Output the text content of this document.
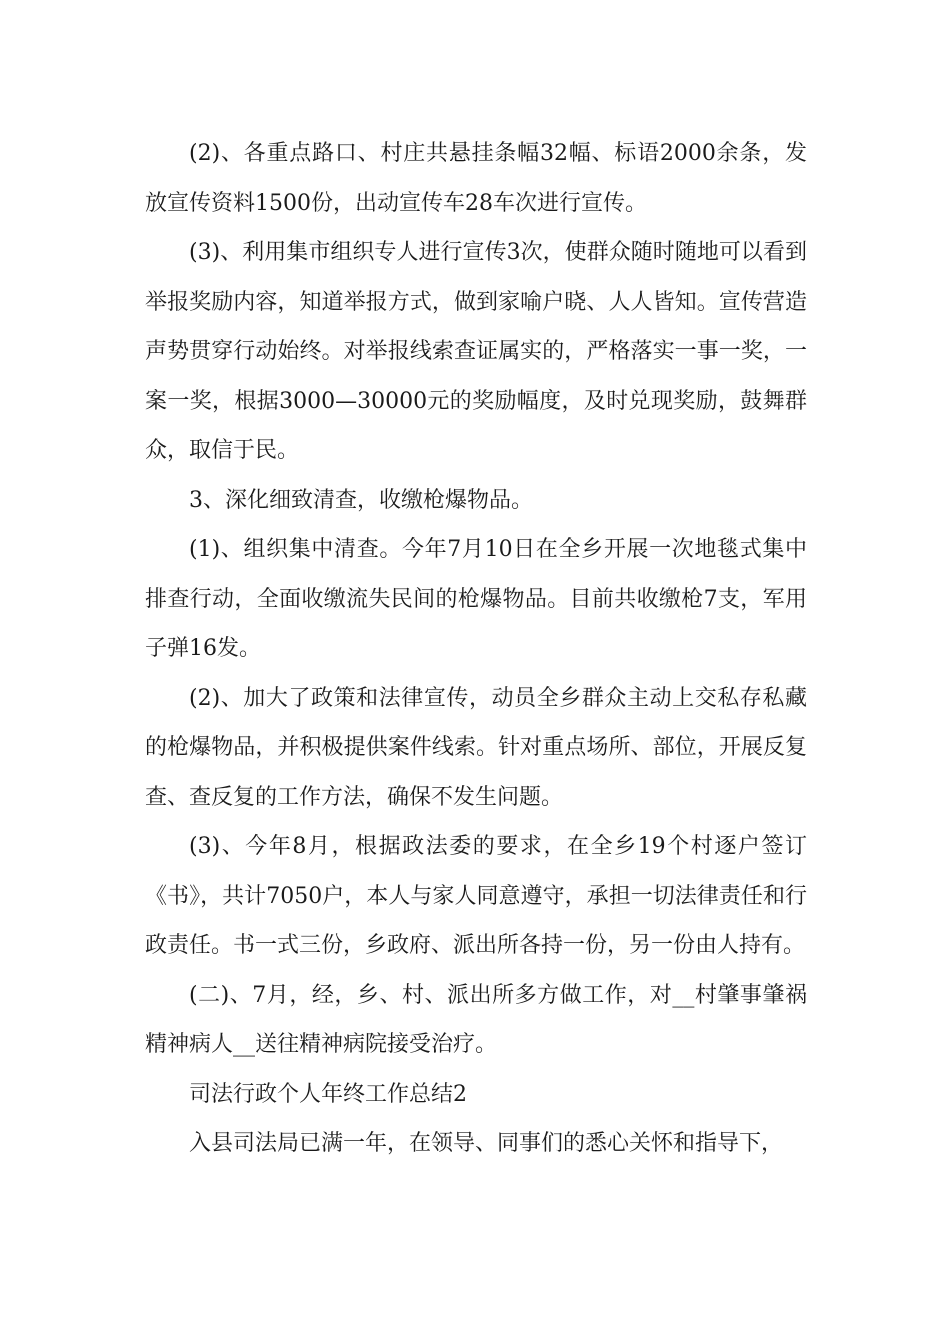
(2)、各重点路口、村庄共悬挂条幅32幅、标语2000余条，发放宣传资料1500份，出动宣传车28车次进行宣传。

(3)、利用集市组织专人进行宣传3次，使群众随时随地可以看到举报奖励内容，知道举报方式，做到家喻户晓、人人皆知。宣传营造声势贯穿行动始终。对举报线索查证属实的，严格落实一事一奖，一案一奖，根据3000—30000元的奖励幅度，及时兑现奖励，鼓舞群众，取信于民。

3、深化细致清查，收缴枪爆物品。

(1)、组织集中清查。今年7月10日在全乡开展一次地毯式集中排查行动，全面收缴流失民间的枪爆物品。目前共收缴枪7支，军用子弹16发。

(2)、加大了政策和法律宣传，动员全乡群众主动上交私存私藏的枪爆物品，并积极提供案件线索。针对重点场所、部位，开展反复查、查反复的工作方法，确保不发生问题。

(3)、今年8月，根据政法委的要求，在全乡19个村逐户签订《书》，共计7050户，本人与家人同意遵守，承担一切法律责任和行政责任。书一式三份，乡政府、派出所各持一份，另一份由人持有。

(二)、7月，经，乡、村、派出所多方做工作，对__村肇事肇祸精神病人__送往精神病院接受治疗。

司法行政个人年终工作总结2

入县司法局已满一年，在领导、同事们的悉心关怀和指导下，
